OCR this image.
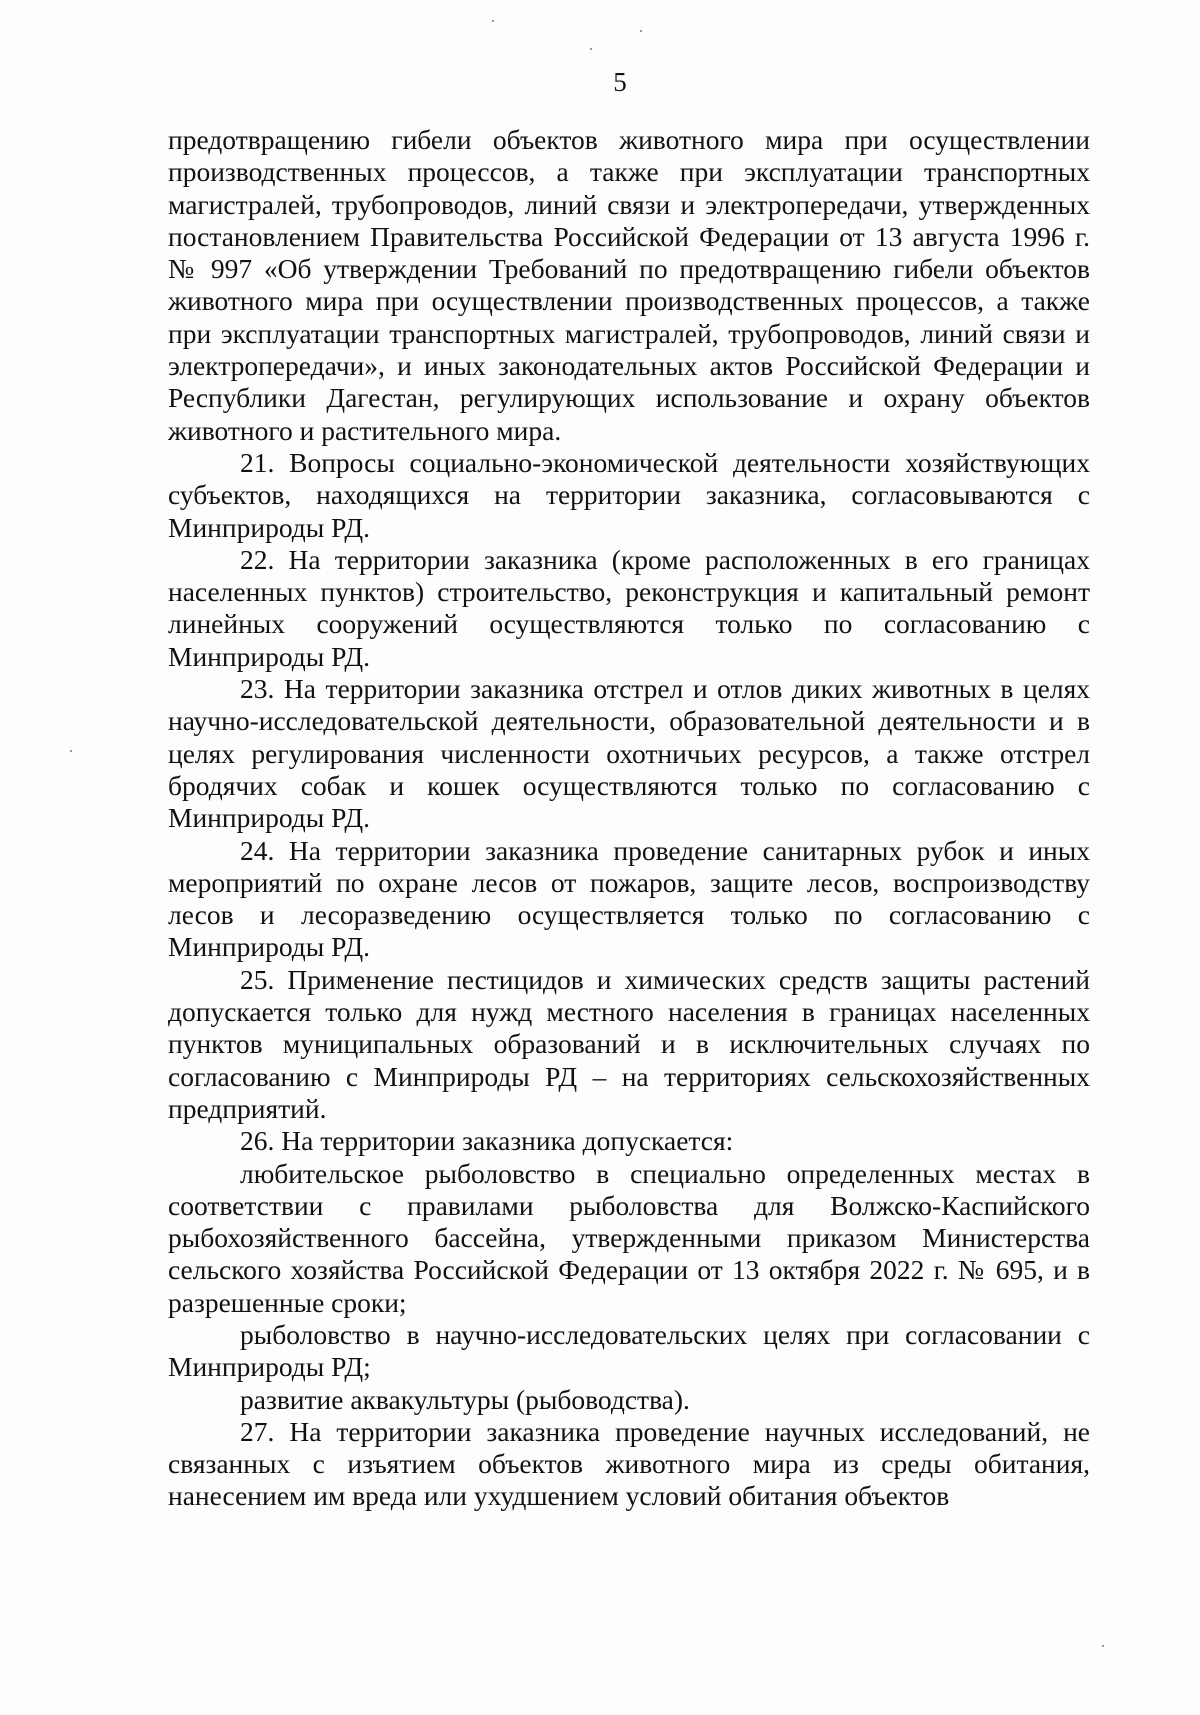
5

предотвращению гибели объектов животного мира при осуществлении производственных процессов, а также при эксплуатации транспортных магистралей, трубопроводов, линий связи и электропередачи, утвержденных постановлением Правительства Российской Федерации от 13 августа 1996 г. № 997 «Об утверждении Требований по предотвращению гибели объектов животного мира при осуществлении производственных процессов, а также при эксплуатации транспортных магистралей, трубопроводов, линий связи и электропередачи», и иных законодательных актов Российской Федерации и Республики Дагестан, регулирующих использование и охрану объектов животного и растительного мира.

21. Вопросы социально-экономической деятельности хозяйствующих субъектов, находящихся на территории заказника, согласовываются с Минприроды РД.

22. На территории заказника (кроме расположенных в его границах населенных пунктов) строительство, реконструкция и капитальный ремонт линейных сооружений осуществляются только по согласованию с Минприроды РД.

23. На территории заказника отстрел и отлов диких животных в целях научно-исследовательской деятельности, образовательной деятельности и в целях регулирования численности охотничьих ресурсов, а также отстрел бродячих собак и кошек осуществляются только по согласованию с Минприроды РД.

24. На территории заказника проведение санитарных рубок и иных мероприятий по охране лесов от пожаров, защите лесов, воспроизводству лесов и лесоразведению осуществляется только по согласованию с Минприроды РД.

25. Применение пестицидов и химических средств защиты растений допускается только для нужд местного населения в границах населенных пунктов муниципальных образований и в исключительных случаях по согласованию с Минприроды РД – на территориях сельскохозяйственных предприятий.

26. На территории заказника допускается:

любительское рыболовство в специально определенных местах в соответствии с правилами рыболовства для Волжско-Каспийского рыбохозяйственного бассейна, утвержденными приказом Министерства сельского хозяйства Российской Федерации от 13 октября 2022 г. № 695, и в разрешенные сроки;

рыболовство в научно-исследовательских целях при согласовании с Минприроды РД;

развитие аквакультуры (рыбоводства).

27. На территории заказника проведение научных исследований, не связанных с изъятием объектов животного мира из среды обитания, нанесением им вреда или ухудшением условий обитания объектов
